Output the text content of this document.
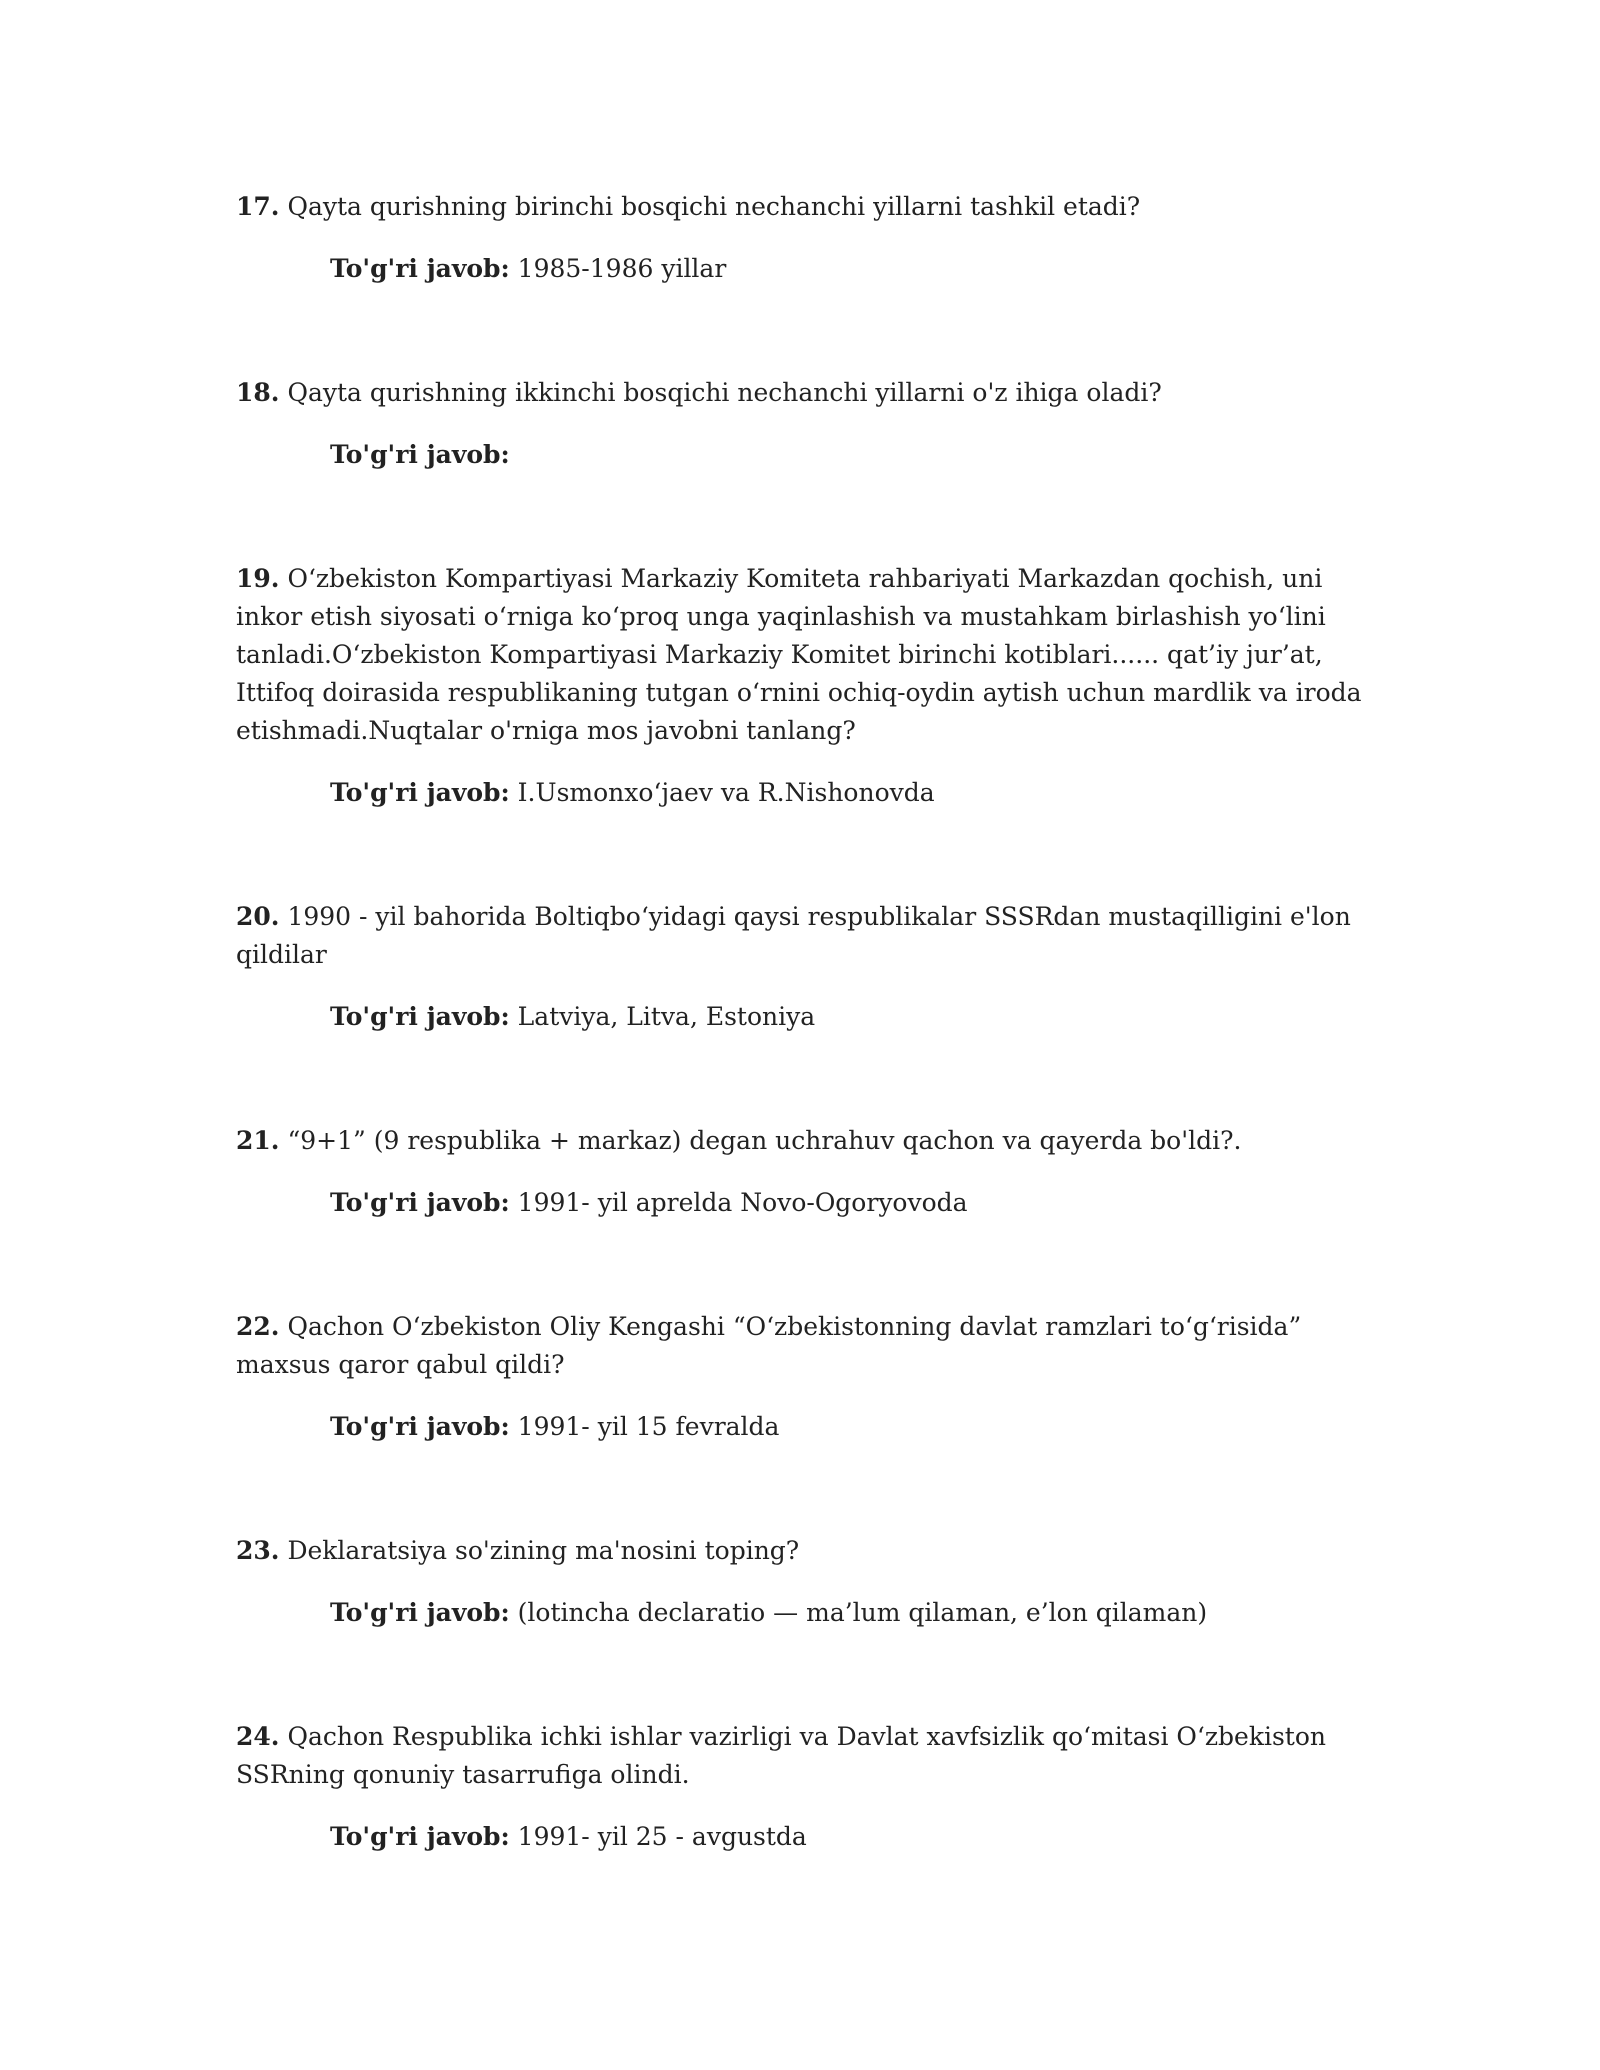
17. Qayta qurishning birinchi bosqichi nechanchi yillarni tashkil etadi?

To'g'ri javob: 1985-1986 yillar

18. Qayta qurishning ikkinchi bosqichi nechanchi yillarni o'z ihiga oladi?

To'g'ri javob:

19. O‘zbekiston Kompartiyasi Markaziy Komiteta rahbariyati Markazdan qochish, uni inkor etish siyosati o‘rniga ko‘proq unga yaqinlashish va mustahkam birlashish yo‘lini tanladi.O‘zbekiston Kompartiyasi Markaziy Komitet birinchi kotiblari...... qat’iy jur’at, Ittifoq doirasida respublikaning tutgan o‘rnini ochiq-oydin aytish uchun mardlik va iroda etishmadi.Nuqtalar o'rniga mos javobni tanlang?

To'g'ri javob: I.Usmonxo‘jaev va R.Nishonovda

20. 1990 - yil bahorida Boltiqbo‘yidagi qaysi respublikalar SSSRdan mustaqilligini e'lon qildilar

To'g'ri javob: Latviya, Litva, Estoniya

21. “9+1” (9 respublika + markaz) degan uchrahuv qachon va qayerda bo'ldi?.

To'g'ri javob: 1991- yil aprelda Novo-Ogoryovoda

22. Qachon O‘zbekiston Oliy Kengashi “O‘zbekistonning davlat ramzlari to‘g‘risida” maxsus qaror qabul qildi?

To'g'ri javob: 1991- yil 15 fevralda

23. Deklaratsiya so'zining ma'nosini toping?

To'g'ri javob: (lotincha declaratio — ma’lum qilaman, e’lon qilaman)

24. Qachon Respublika ichki ishlar vazirligi va Davlat xavfsizlik qo‘mitasi O‘zbekiston SSRning qonuniy tasarrufiga olindi.

To'g'ri javob: 1991- yil 25 - avgustda
